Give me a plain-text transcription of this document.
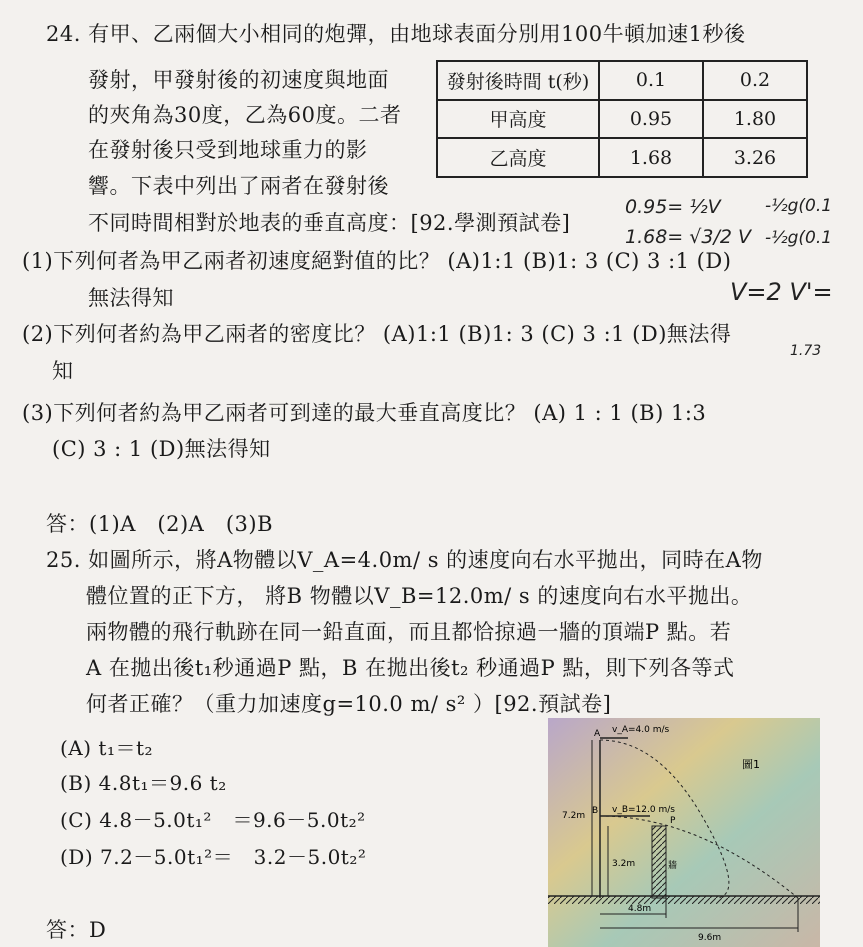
24. 有甲、乙兩個大小相同的炮彈，由地球表面分別用100牛頓加速1秒後
發射，甲發射後的初速度與地面
的夾角為30度，乙為60度。二者
在發射後只受到地球重力的影
響。下表中列出了兩者在發射後
不同時間相對於地表的垂直高度：[92.學測預試卷]
發射後時間 t(秒)	0.1	0.2
甲高度	0.95	1.80
乙高度	1.68	3.26
0.95= ½V	-½g(0.1
1.68= √3/2 V -½g(0.1
V=2 V'=
1.73
(1)下列何者為甲乙兩者初速度絕對值的比？ (A)1:1 (B)1: 3 (C) 3 :1 (D)
無法得知
(2)下列何者約為甲乙兩者的密度比？ (A)1:1 (B)1: 3 (C) 3 :1 (D)無法得
知
(3)下列何者約為甲乙兩者可到達的最大垂直高度比？ (A) 1 : 1 (B) 1:3
(C) 3 : 1 (D)無法得知
答：(1)A　(2)A　(3)B
25. 如圖所示，將A物體以V_A=4.0m/ s 的速度向右水平拋出，同時在A物
體位置的正下方， 將B 物體以V_B=12.0m/ s 的速度向右水平拋出。
兩物體的飛行軌跡在同一鉛直面，而且都恰掠過一牆的頂端P 點。若
A 在拋出後t₁秒通過P 點，B 在拋出後t₂ 秒通過P 點，則下列各等式
何者正確？（重力加速度g=10.0 m/ s² ）[92.預試卷]
(A) t₁＝t₂
(B) 4.8t₁＝9.6 t₂
(C) 4.8－5.0t₁²　＝9.6－5.0t₂²
(D) 7.2－5.0t₁²＝　3.2－5.0t₂²
答：D
A v_A=4.0 m/s
圖1
B v_B=12.0 m/s
P
7.2m
3.2m	牆
4.8m
9.6m
